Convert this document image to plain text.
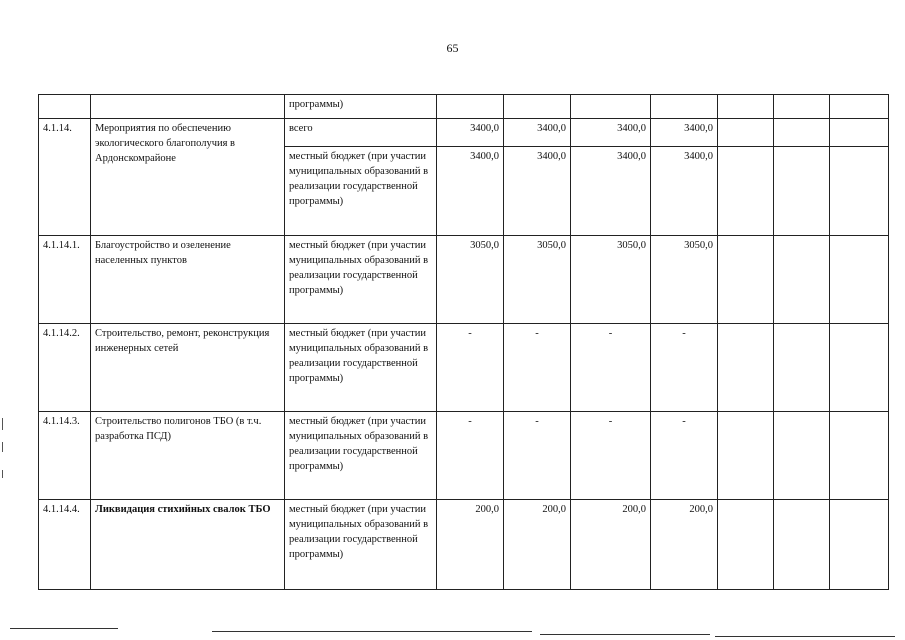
65
		программы)							
4.1.14.	Мероприятия по обеспечению экологического благополучия в Ардонскомрайоне	всего	3400,0	3400,0	3400,0	3400,0			
		местный бюджет (при участии муниципальных образований в реализации государственной программы)	3400,0	3400,0	3400,0	3400,0			
4.1.14.1.	Благоустройство и озеленение населенных пунктов	местный бюджет (при участии муниципальных образований в реализации государственной программы)	3050,0	3050,0	3050,0	3050,0			
4.1.14.2.	Строительство, ремонт, реконструкция инженерных сетей	местный бюджет (при участии муниципальных образований в реализации государственной программы)	-	-	-	-			
4.1.14.3.	Строительство полигонов ТБО (в т.ч. разработка ПСД)	местный бюджет (при участии муниципальных образований в реализации государственной программы)	-	-	-	-			
4.1.14.4.	Ликвидация стихийных свалок ТБО	местный бюджет (при участии муниципальных образований в реализации государственной программы)	200,0	200,0	200,0	200,0			
